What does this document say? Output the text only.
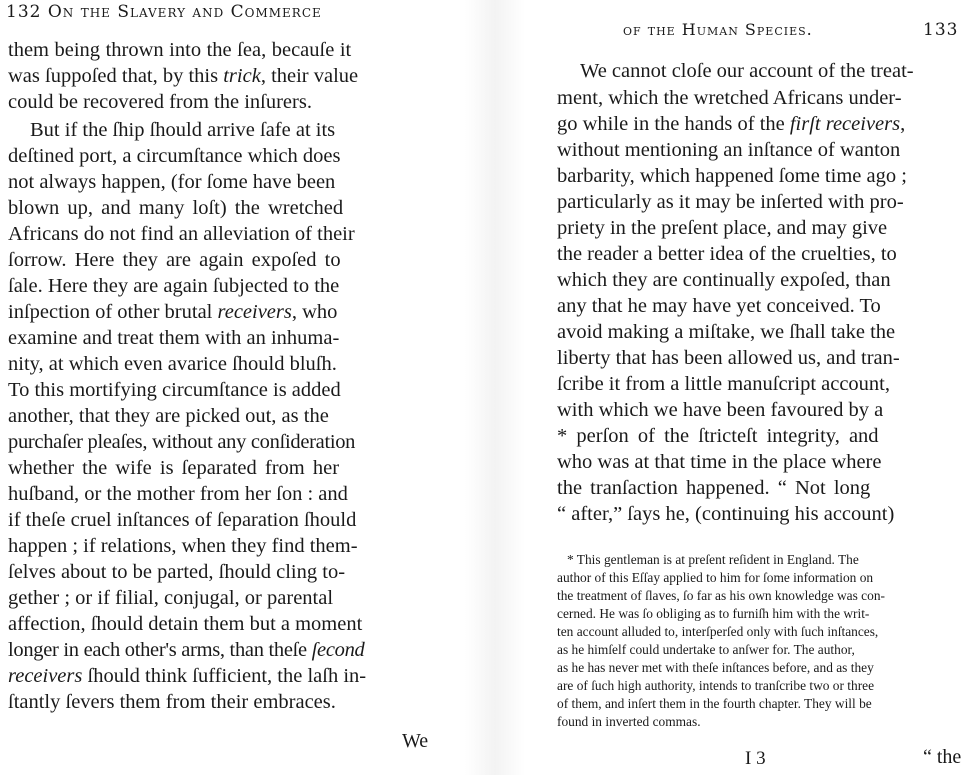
132 On the Slavery and Commerce
them being thrown into the ſea, becauſe it
was ſuppoſed that, by this trick, their value
could be recovered from the inſurers.
But if the ſhip ſhould arrive ſafe at its
deſtined port, a circumſtance which does
not always happen, (for ſome have been
blown up, and many loſt) the wretched
Africans do not find an alleviation of their
ſorrow. Here they are again expoſed to
ſale. Here they are again ſubjected to the
inſpection of other brutal receivers, who
examine and treat them with an inhuma-
nity, at which even avarice ſhould bluſh.
To this mortifying circumſtance is added
another, that they are picked out, as the
purchaſer pleaſes, without any conſideration
whether the wife is ſeparated from her
huſband, or the mother from her ſon : and
if theſe cruel inſtances of ſeparation ſhould
happen ; if relations, when they find them-
ſelves about to be parted, ſhould cling to-
gether ; or if filial, conjugal, or parental
affection, ſhould detain them but a moment
longer in each other's arms, than theſe ſecond
receivers ſhould think ſufficient, the laſh in-
ſtantly ſevers them from their embraces.
We
of the Human Species.	133
We cannot cloſe our account of the treat-
ment, which the wretched Africans under-
go while in the hands of the firſt receivers,
without mentioning an inſtance of wanton
barbarity, which happened ſome time ago ;
particularly as it may be inſerted with pro-
priety in the preſent place, and may give
the reader a better idea of the cruelties, to
which they are continually expoſed, than
any that he may have yet conceived. To
avoid making a miſtake, we ſhall take the
liberty that has been allowed us, and tran-
ſcribe it from a little manuſcript account,
with which we have been favoured by a
* perſon of the ſtricteſt integrity, and
who was at that time in the place where
the tranſaction happened. “ Not long
“ after,” ſays he, (continuing his account)
* This gentleman is at preſent reſident in England. The
author of this Eſſay applied to him for ſome information on
the treatment of ſlaves, ſo far as his own knowledge was con-
cerned. He was ſo obliging as to furniſh him with the writ-
ten account alluded to, interſperſed only with ſuch inſtances,
as he himſelf could undertake to anſwer for. The author,
as he has never met with theſe inſtances before, and as they
are of ſuch high authority, intends to tranſcribe two or three
of them, and inſert them in the fourth chapter. They will be
found in inverted commas.
I 3	“ the
